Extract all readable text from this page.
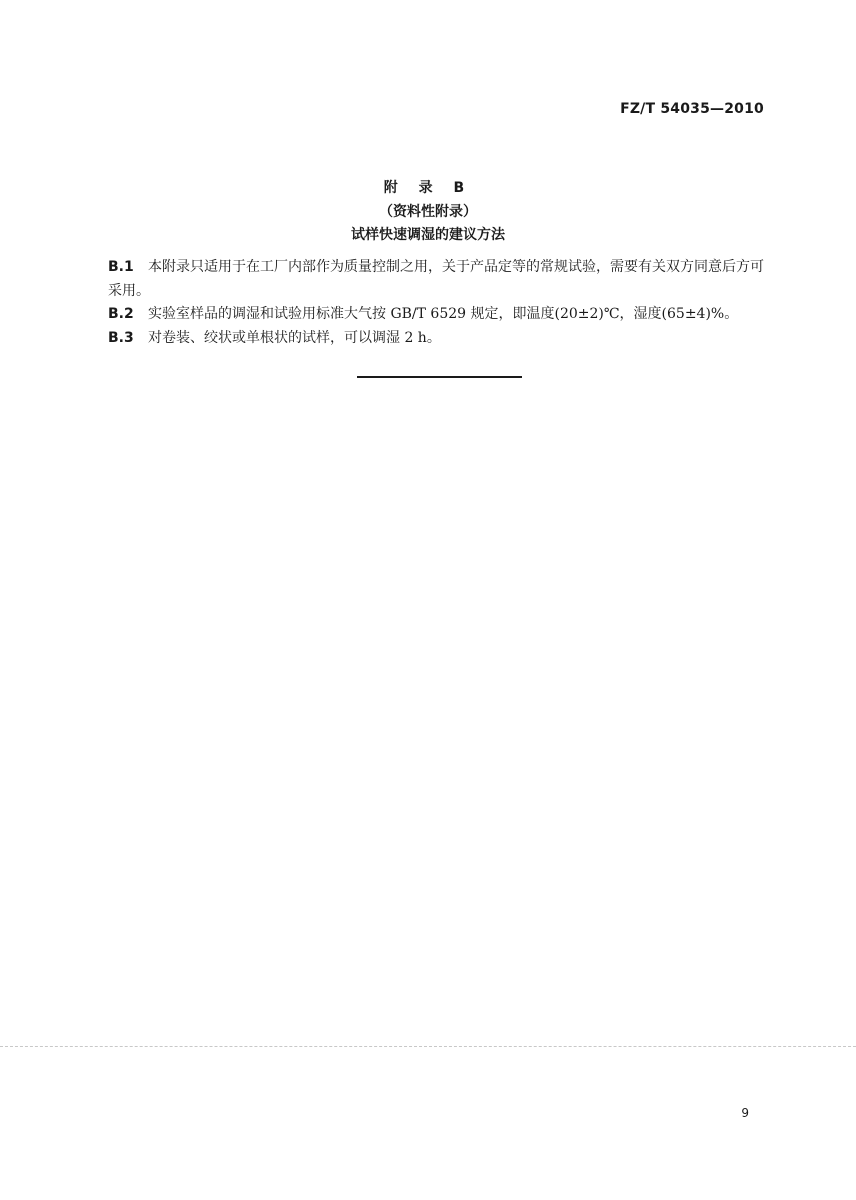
FZ/T 54035—2010
附 录 B
（资料性附录）
试样快速调湿的建议方法
B.1 本附录只适用于在工厂内部作为质量控制之用，关于产品定等的常规试验，需要有关双方同意后方可采用。
B.2 实验室样品的调湿和试验用标准大气按 GB/T 6529 规定，即温度(20±2)℃，湿度(65±4)%。
B.3 对卷装、绞状或单根状的试样，可以调湿 2 h。
9
